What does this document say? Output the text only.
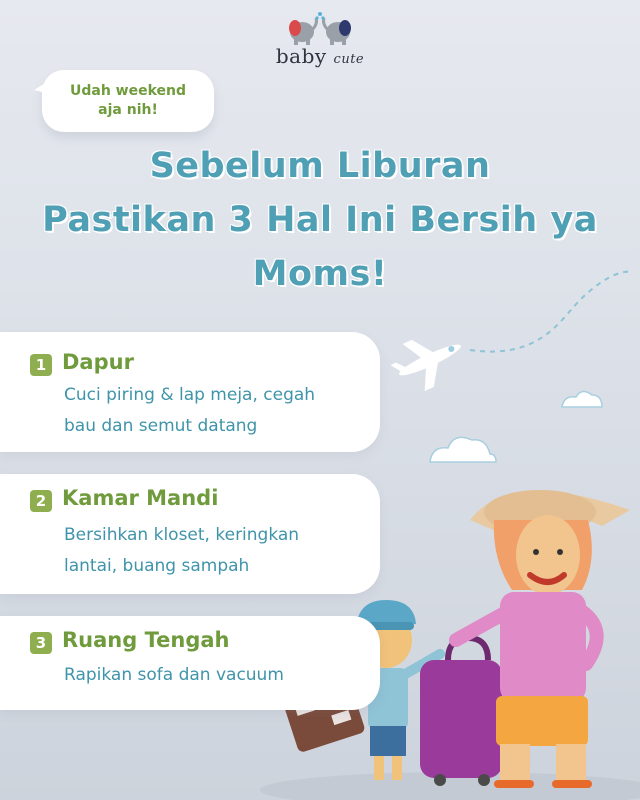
baby cute
Udah weekend
aja nih!
Sebelum Liburan
Pastikan 3 Hal Ini Bersih ya
Moms!
1 Dapur
Cuci piring & lap meja, cegah
bau dan semut datang
2 Kamar Mandi
Bersihkan kloset, keringkan
lantai, buang sampah
3 Ruang Tengah
Rapikan sofa dan vacuum
